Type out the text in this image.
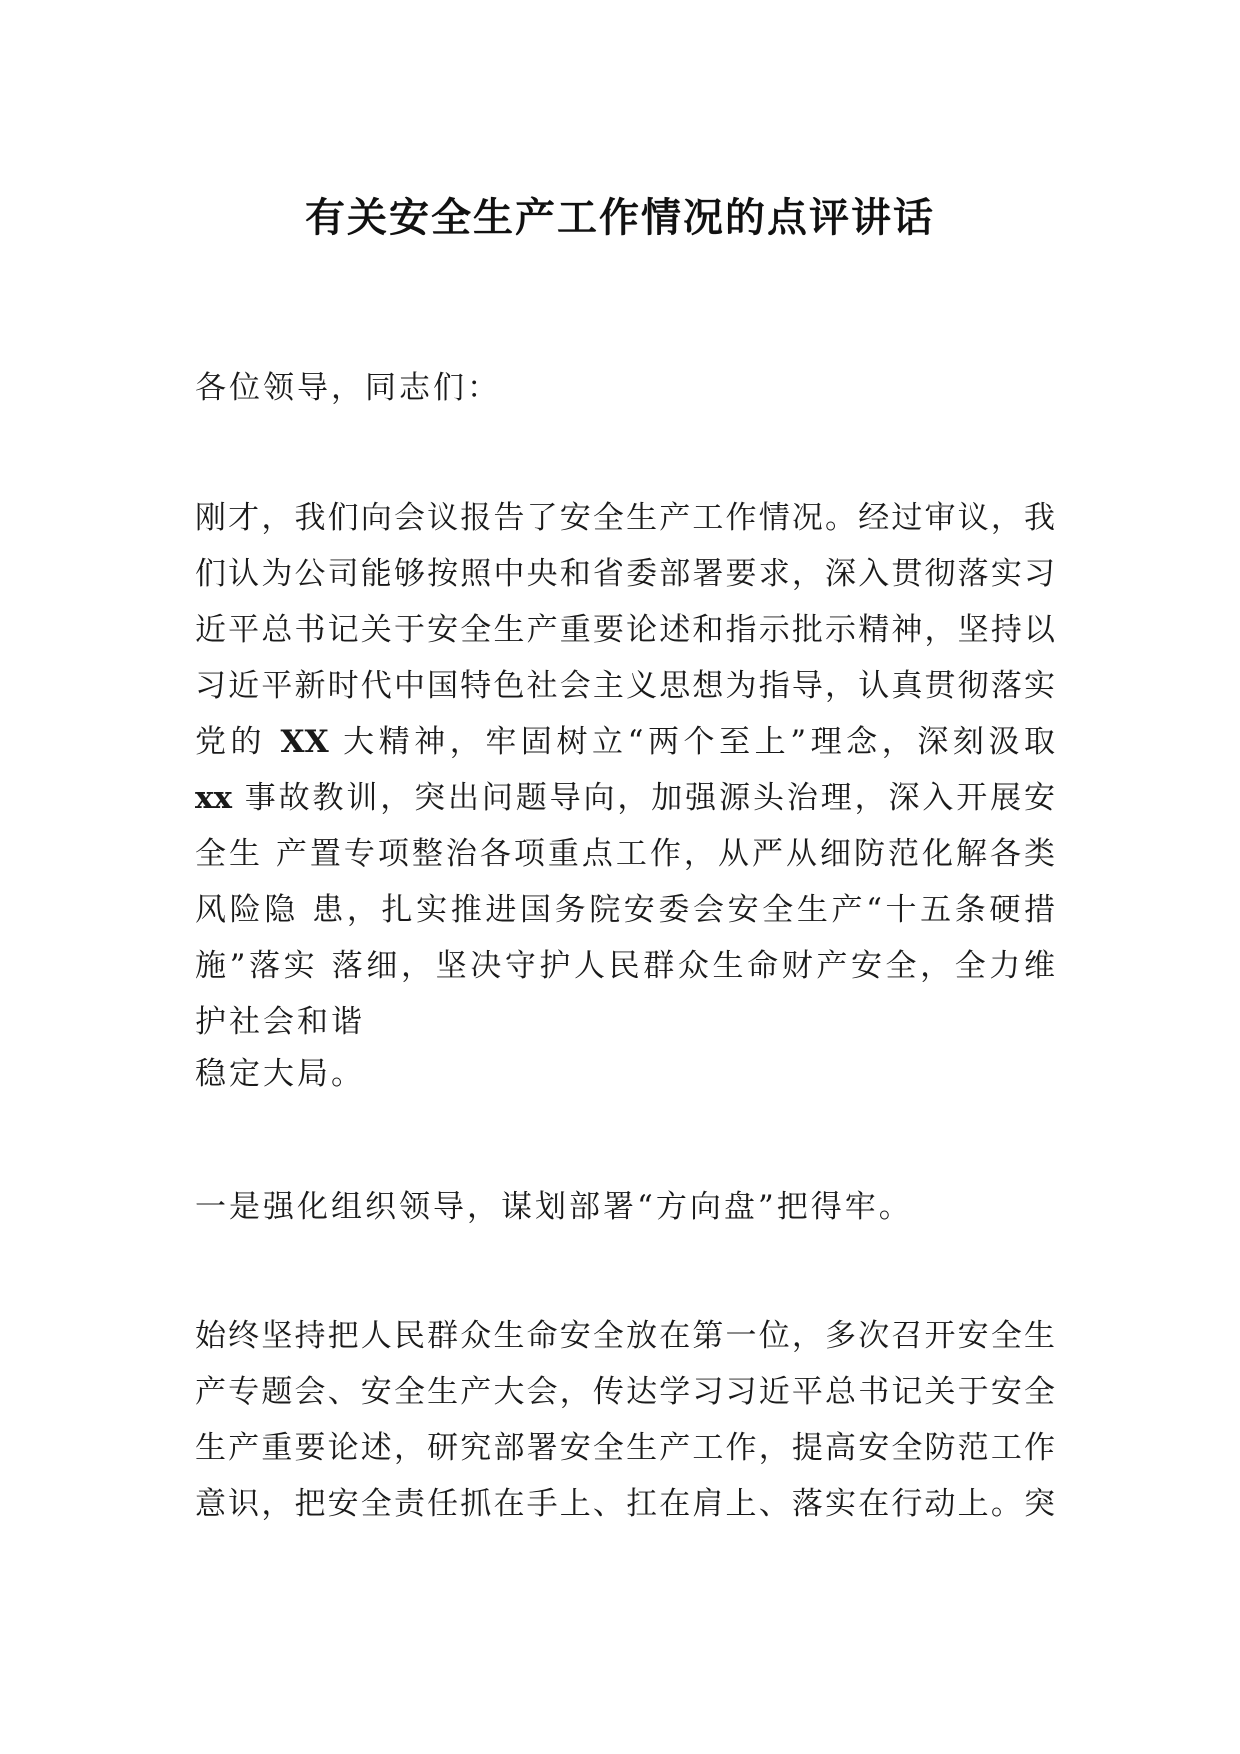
有关安全生产工作情况的点评讲话
各位领导，同志们：
刚才，我们向会议报告了安全生产工作情况。经过审议，我
们认为公司能够按照中央和省委部署要求，深入贯彻落实习
近平总书记关于安全生产重要论述和指示批示精神，坚持以
习近平新时代中国特色社会主义思想为指导，认真贯彻落实
党的 XX 大精神，牢固树立“两个至上”理念，深刻汲取
xx 事故教训，突出问题导向，加强源头治理，深入开展安
全生 产置专项整治各项重点工作，从严从细防范化解各类
风险隐 患，扎实推进国务院安委会安全生产“十五条硬措
施”落实 落细，坚决守护人民群众生命财产安全，全力维
护社会和谐
稳定大局。
一是强化组织领导，谋划部署“方向盘”把得牢。
始终坚持把人民群众生命安全放在第一位，多次召开安全生
产专题会、安全生产大会，传达学习习近平总书记关于安全
生产重要论述，研究部署安全生产工作，提高安全防范工作
意识，把安全责任抓在手上、扛在肩上、落实在行动上。突
